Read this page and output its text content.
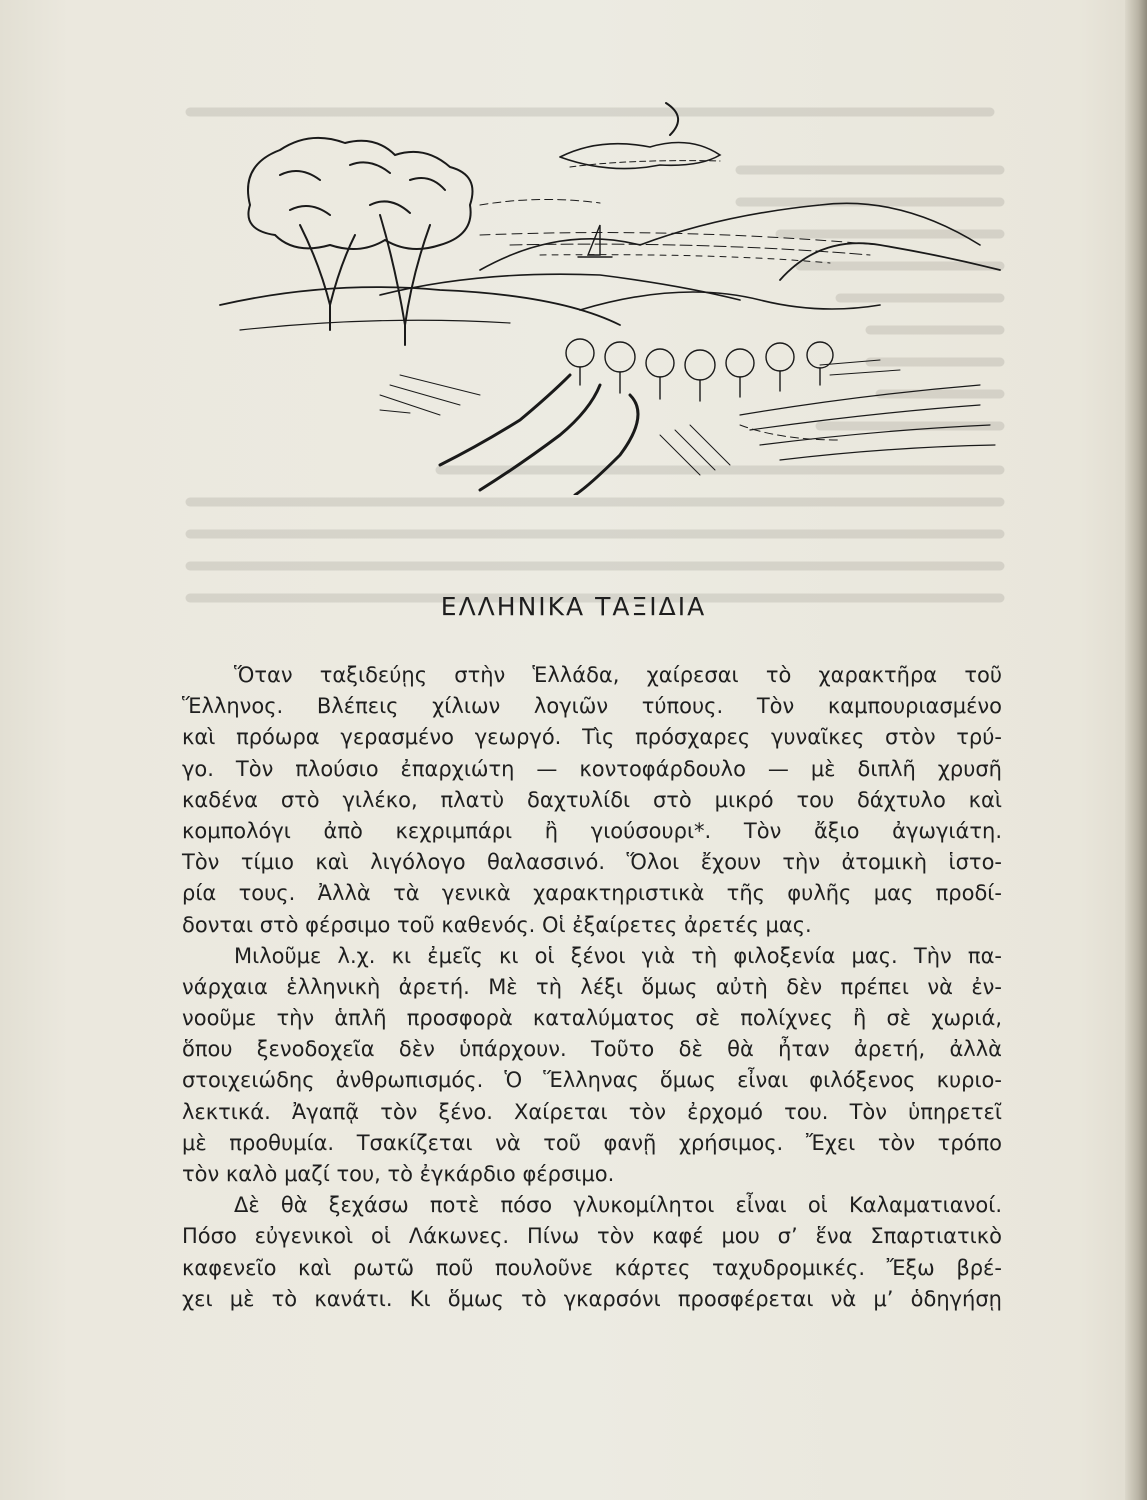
ΕΛΛΗΝΙΚΑ ΤΑΞΙΔΙΑ
Ὅταν ταξιδεύῃς στὴν Ἑλλάδα, χαίρεσαι τὸ χαρακτῆρα τοῦ
Ἕλληνος. Βλέπεις χίλιων λογιῶν τύπους. Τὸν καμπουριασμένο
καὶ πρόωρα γερασμένο γεωργό. Τὶς πρόσχαρες γυναῖκες στὸν τρύ-
γο. Τὸν πλούσιο ἐπαρχιώτη — κοντοφάρδουλο — μὲ διπλῆ χρυσῆ
καδένα στὸ γιλέκο, πλατὺ δαχτυλίδι στὸ μικρό του δάχτυλο καὶ
κομπολόγι ἀπὸ κεχριμπάρι ἢ γιούσουρι*. Τὸν ἄξιο ἀγωγιάτη.
Τὸν τίμιο καὶ λιγόλογο θαλασσινό. Ὅλοι ἔχουν τὴν ἀτομικὴ ἱστο-
ρία τους. Ἀλλὰ τὰ γενικὰ χαρακτηριστικὰ τῆς φυλῆς μας προδί-
δονται στὸ φέρσιμο τοῦ καθενός. Οἱ ἐξαίρετες ἀρετές μας.
Μιλοῦμε λ.χ. κι ἐμεῖς κι οἱ ξένοι γιὰ τὴ φιλοξενία μας. Τὴν πα-
νάρχαια ἑλληνικὴ ἀρετή. Μὲ τὴ λέξι ὅμως αὐτὴ δὲν πρέπει νὰ ἐν-
νοοῦμε τὴν ἁπλῆ προσφορὰ καταλύματος σὲ πολίχνες ἢ σὲ χωριά,
ὅπου ξενοδοχεῖα δὲν ὑπάρχουν. Τοῦτο δὲ θὰ ἦταν ἀρετή, ἀλλὰ
στοιχειώδης ἀνθρωπισμός. Ὁ Ἕλληνας ὅμως εἶναι φιλόξενος κυριο-
λεκτικά. Ἀγαπᾷ τὸν ξένο. Χαίρεται τὸν ἐρχομό του. Τὸν ὑπηρετεῖ
μὲ προθυμία. Τσακίζεται νὰ τοῦ φανῇ χρήσιμος. Ἔχει τὸν τρόπο
τὸν καλὸ μαζί του, τὸ ἐγκάρδιο φέρσιμο.
Δὲ θὰ ξεχάσω ποτὲ πόσο γλυκομίλητοι εἶναι οἱ Καλαματιανοί.
Πόσο εὐγενικοὶ οἱ Λάκωνες. Πίνω τὸν καφέ μου σ’ ἕνα Σπαρτιατικὸ
καφενεῖο καὶ ρωτῶ ποῦ πουλοῦνε κάρτες ταχυδρομικές. Ἔξω βρέ-
χει μὲ τὸ κανάτι. Κι ὅμως τὸ γκαρσόνι προσφέρεται νὰ μ’ ὁδηγήσῃ
